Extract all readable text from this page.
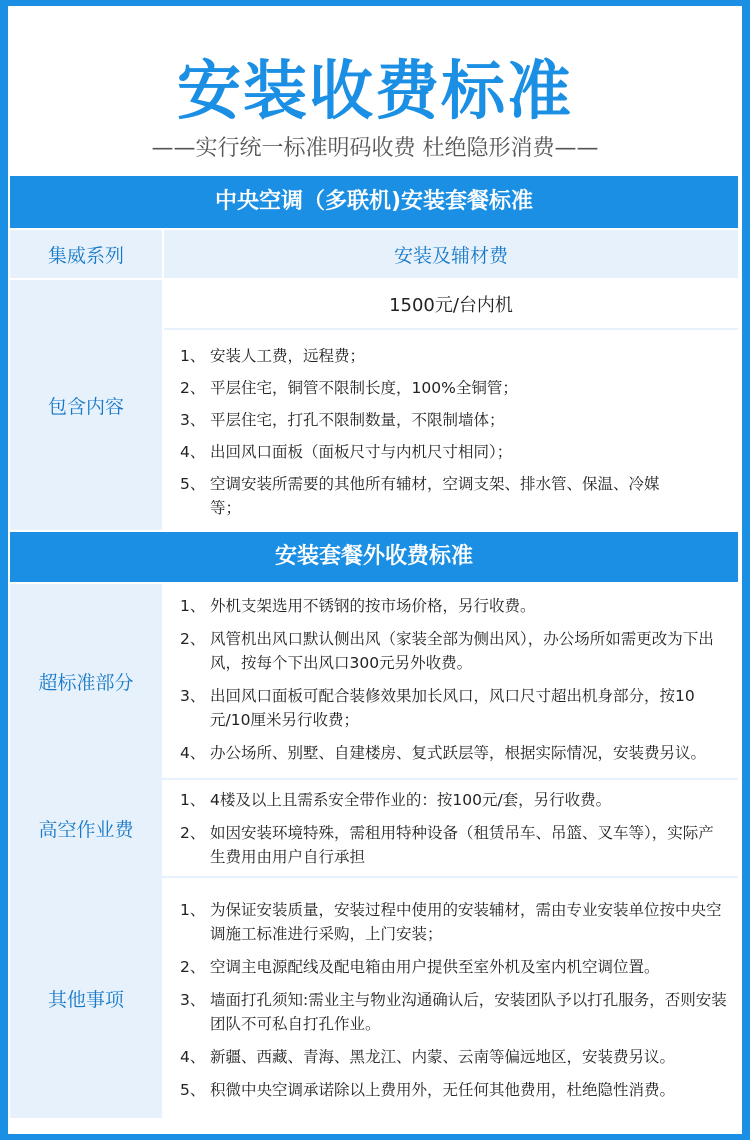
安装收费标准
——实行统一标准明码收费 杜绝隐形消费——
中央空调（多联机)安装套餐标准
集威系列	安装及辅材费
包含内容
1500元/台内机
1、 安装人工费，远程费；
2、 平层住宅，铜管不限制长度，100%全铜管；
3、 平层住宅，打孔不限制数量，不限制墙体；
4、 出回风口面板（面板尺寸与内机尺寸相同）；
5、 空调安装所需要的其他所有辅材，空调支架、排水管、保温、冷媒等；
安装套餐外收费标准
超标准部分
1、 外机支架选用不锈钢的按市场价格，另行收费。
2、 风管机出风口默认侧出风（家装全部为侧出风），办公场所如需更改为下出风，按每个下出风口300元另外收费。
3、 出回风口面板可配合装修效果加长风口，风口尺寸超出机身部分，按10元/10厘米另行收费；
4、 办公场所、别墅、自建楼房、复式跃层等，根据实际情况，安装费另议。
高空作业费
1、 4楼及以上且需系安全带作业的：按100元/套，另行收费。
2、 如因安装环境特殊，需租用特种设备（租赁吊车、吊篮、叉车等），实际产生费用由用户自行承担
其他事项
1、 为保证安装质量，安装过程中使用的安装辅材，需由专业安装单位按中央空调施工标准进行采购，上门安装；
2、 空调主电源配线及配电箱由用户提供至室外机及室内机空调位置。
3、 墙面打孔须知:需业主与物业沟通确认后，安装团队予以打孔服务，否则安装团队不可私自打孔作业。
4、 新疆、西藏、青海、黑龙江、内蒙、云南等偏远地区，安装费另议。
5、 积微中央空调承诺除以上费用外，无任何其他费用，杜绝隐性消费。
